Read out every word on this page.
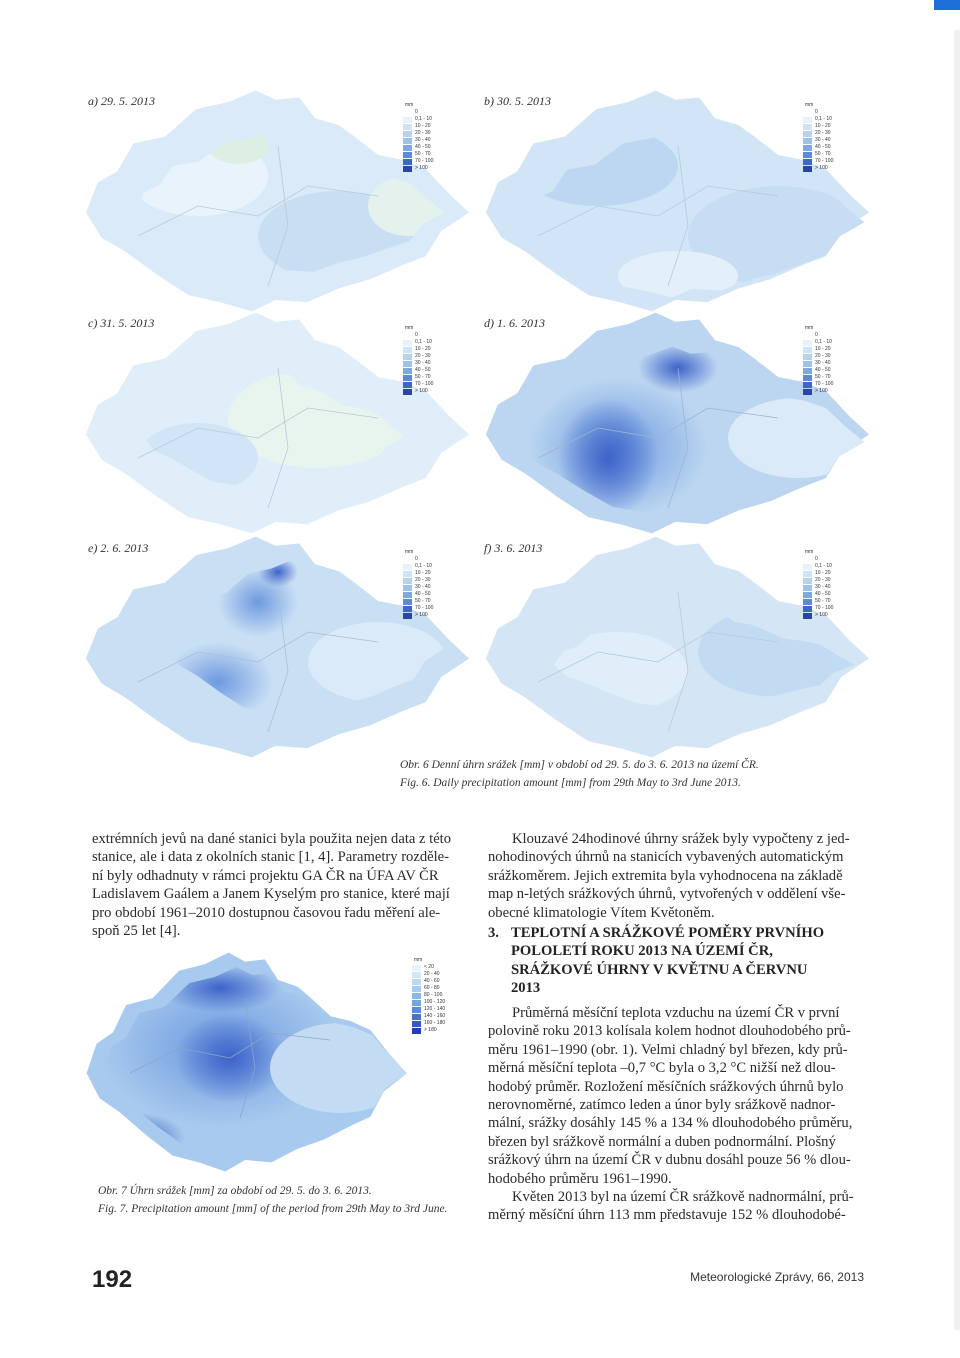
a) 29. 5. 2013	mm
0
0,1 - 10
10 - 20
20 - 30
30 - 40
40 - 50
50 - 70
70 - 100
> 100
b) 30. 5. 2013	mm
0
0,1 - 10
10 - 20
20 - 30
30 - 40
40 - 50
50 - 70
70 - 100
> 100
c) 31. 5. 2013	mm
0
0,1 - 10
10 - 20
20 - 30
30 - 40
40 - 50
50 - 70
70 - 100
> 100
d) 1. 6. 2013	mm
0
0,1 - 10
10 - 20
20 - 30
30 - 40
40 - 50
50 - 70
70 - 100
> 100
e) 2. 6. 2013	mm
0
0,1 - 10
10 - 20
20 - 30
30 - 40
40 - 50
50 - 70
70 - 100
> 100
f) 3. 6. 2013	mm
0
0,1 - 10
10 - 20
20 - 30
30 - 40
40 - 50
50 - 70
70 - 100
> 100
Obr. 6 Denní úhrn srážek [mm] v období od 29. 5. do 3. 6. 2013 na území ČR.
Fig. 6. Daily precipitation amount [mm] from 29th May to 3rd June 2013.
extrémních jevů na dané stanici byla použita nejen data z této
stanice, ale i data z okolních stanic [1, 4]. Parametry rozděle-
ní byly odhadnuty v rámci projektu GA ČR na ÚFA AV ČR
Ladislavem Gaálem a Janem Kyselým pro stanice, které mají
pro období 1961–2010 dostupnou časovou řadu měření ale-
spoň 25 let [4].
mm
< 20
20 - 40
40 - 60
60 - 80
80 - 100
100 - 120
120 - 140
140 - 160
160 - 180
> 180
Obr. 7 Úhrn srážek [mm] za období od 29. 5. do 3. 6. 2013.
Fig. 7. Precipitation amount [mm] of the period from 29th May to 3rd June.
Klouzavé 24hodinové úhrny srážek byly vypočteny z jed-
nohodinových úhrnů na stanicích vybavených automatickým
srážkoměrem. Jejich extremita byla vyhodnocena na základě
map n-letých srážkových úhrnů, vytvořených v oddělení vše-
obecné klimatologie Vítem Květoněm.
3. TEPLOTNÍ A SRÁŽKOVÉ POMĚRY PRVNÍHO
POLOLETÍ ROKU 2013 NA ÚZEMÍ ČR,
SRÁŽKOVÉ ÚHRNY V KVĚTNU A ČERVNU
2013
Průměrná měsíční teplota vzduchu na území ČR v první
polovině roku 2013 kolísala kolem hodnot dlouhodobého prů-
měru 1961–1990 (obr. 1). Velmi chladný byl březen, kdy prů-
měrná měsíční teplota –0,7 °C byla o 3,2 °C nižší než dlou-
hodobý průměr. Rozložení měsíčních srážkových úhrnů bylo
nerovnoměrné, zatímco leden a únor byly srážkově nadnor-
mální, srážky dosáhly 145 % a 134 % dlouhodobého průměru,
březen byl srážkově normální a duben podnormální. Plošný
srážkový úhrn na území ČR v dubnu dosáhl pouze 56 % dlou-
hodobého průměru 1961–1990.
Květen 2013 byl na území ČR srážkově nadnormální, prů-
měrný měsíční úhrn 113 mm představuje 152 % dlouhodobé-
192	Meteorologické Zprávy, 66, 2013
